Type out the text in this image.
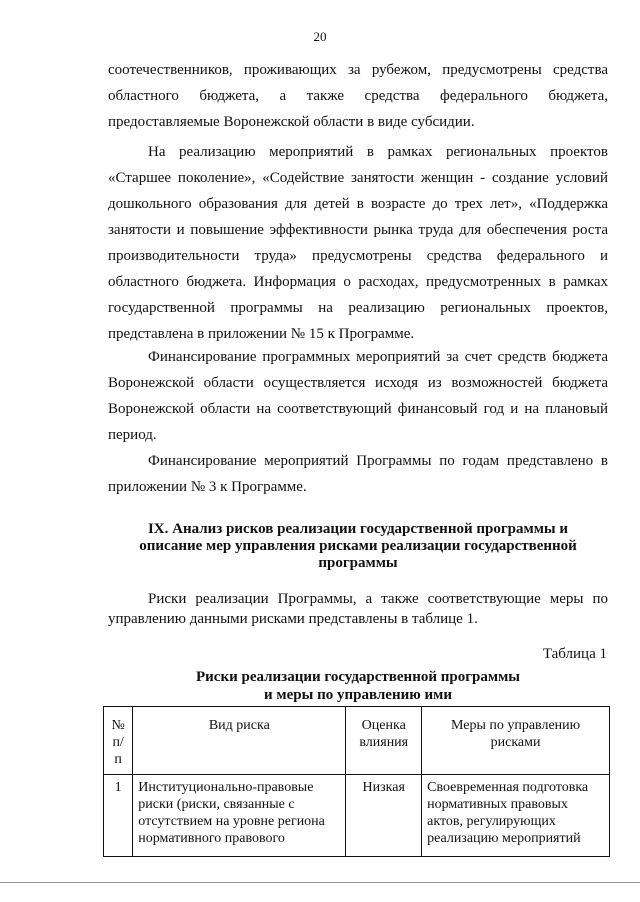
20

соотечественников, проживающих за рубежом, предусмотрены средства областного бюджета, а также средства федерального бюджета, предоставляемые Воронежской области в виде субсидии.

На реализацию мероприятий в рамках региональных проектов «Старшее поколение», «Содействие занятости женщин - создание условий дошкольного образования для детей в возрасте до трех лет», «Поддержка занятости и повышение эффективности рынка труда для обеспечения роста производительности труда» предусмотрены средства федерального и областного бюджета. Информация о расходах, предусмотренных в рамках государственной программы на реализацию региональных проектов, представлена в приложении № 15 к Программе.

Финансирование программных мероприятий за счет средств бюджета Воронежской области осуществляется исходя из возможностей бюджета Воронежской области на соответствующий финансовый год и на плановый период.

Финансирование мероприятий Программы по годам представлено в приложении № 3 к Программе.

IX. Анализ рисков реализации государственной программы и
описание мер управления рисками реализации государственной
программы

Риски реализации Программы, а также соответствующие меры по управлению данными рисками представлены в таблице 1.

Таблица 1
Риски реализации государственной программы
и меры по управлению ими
№ п/п	Вид риска	Оценка влияния	Меры по управлению рисками
1	Институционально-правовые риски (риски, связанные с отсутствием на уровне региона нормативного правового	Низкая	Своевременная подготовка нормативных правовых актов, регулирующих реализацию мероприятий
